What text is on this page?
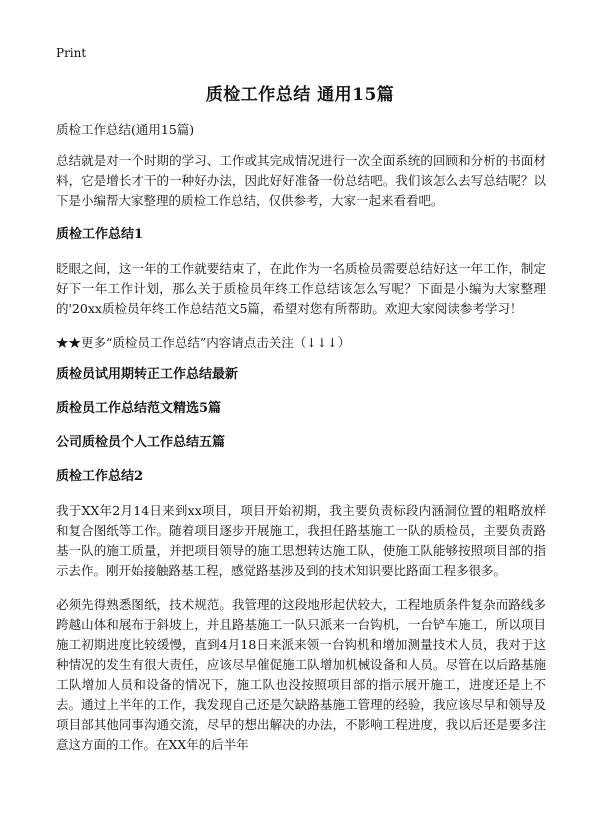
Print
质检工作总结 通用15篇
质检工作总结(通用15篇)

总结就是对一个时期的学习、工作或其完成情况进行一次全面系统的回顾和分析的书面材料，它是增长才干的一种好办法，因此好好准备一份总结吧。我们该怎么去写总结呢？以下是小编帮大家整理的质检工作总结，仅供参考，大家一起来看看吧。

质检工作总结1

眨眼之间，这一年的工作就要结束了，在此作为一名质检员需要总结好这一年工作，制定好下一年工作计划，那么关于质检员年终工作总结该怎么写呢？下面是小编为大家整理的'20xx质检员年终工作总结范文5篇，希望对您有所帮助。欢迎大家阅读参考学习！

★★更多“质检员工作总结”内容请点击关注（↓↓↓）
质检员试用期转正工作总结最新
质检员工作总结范文精选5篇
公司质检员个人工作总结五篇
质检工作总结2

我于XX年2月14日来到xx项目，项目开始初期，我主要负责标段内涵洞位置的粗略放样和复合图纸等工作。随着项目逐步开展施工，我担任路基施工一队的质检员，主要负责路基一队的施工质量，并把项目领导的施工思想转达施工队，使施工队能够按照项目部的指示去作。刚开始接触路基工程，感觉路基涉及到的技术知识要比路面工程多很多。

必须先得熟悉图纸，技术规范。我管理的这段地形起伏较大，工程地质条件复杂而路线多跨越山体和展布于斜坡上，并且路基施工一队只派来一台钩机，一台铲车施工，所以项目施工初期进度比较缓慢，直到4月18日来派来领一台钩机和增加测量技术人员，我对于这种情况的发生有很大责任，应该尽早催促施工队增加机械设备和人员。尽管在以后路基施工队增加人员和设备的情况下，施工队也没按照项目部的指示展开施工，进度还是上不去。通过上半年的工作，我发现自己还是欠缺路基施工管理的经验，我应该尽早和领导及项目部其他同事沟通交流，尽早的想出解决的办法，不影响工程进度，我以后还是要多注意这方面的工作。在XX年的后半年
